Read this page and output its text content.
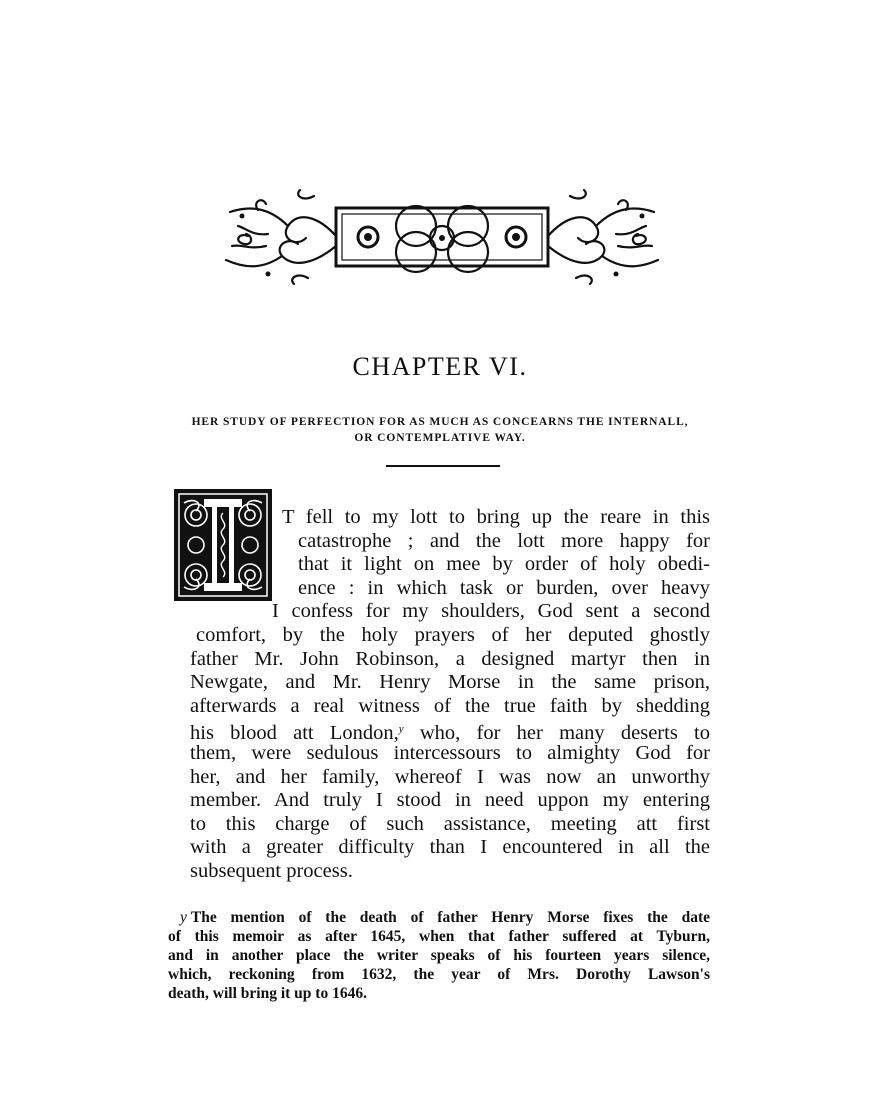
CHAPTER VI.
HER STUDY OF PERFECTION FOR AS MUCH AS CONCEARNS THE INTERNALL,
OR CONTEMPLATIVE WAY.
T fell to my lott to bring up the reare in this
catastrophe ; and the lott more happy for
that it light on mee by order of holy obedi-
ence : in which task or burden, over heavy
I confess for my shoulders, God sent a second
comfort, by the holy prayers of her deputed ghostly
father Mr. John Robinson, a designed martyr then in
Newgate, and Mr. Henry Morse in the same prison,
afterwards a real witness of the true faith by shedding
his blood att London,$^y$ who, for her many deserts to
them, were sedulous intercessours to almighty God for
her, and her family, whereof I was now an unworthy
member. And truly I stood in need uppon my entering
to this charge of such assistance, meeting att first
with a greater difficulty than I encountered in all the
subsequent process.
y The mention of the death of father Henry Morse fixes the date
of this memoir as after 1645, when that father suffered at Tyburn,
and in another place the writer speaks of his fourteen years silence,
which, reckoning from 1632, the year of Mrs. Dorothy Lawson's
death, will bring it up to 1646.
